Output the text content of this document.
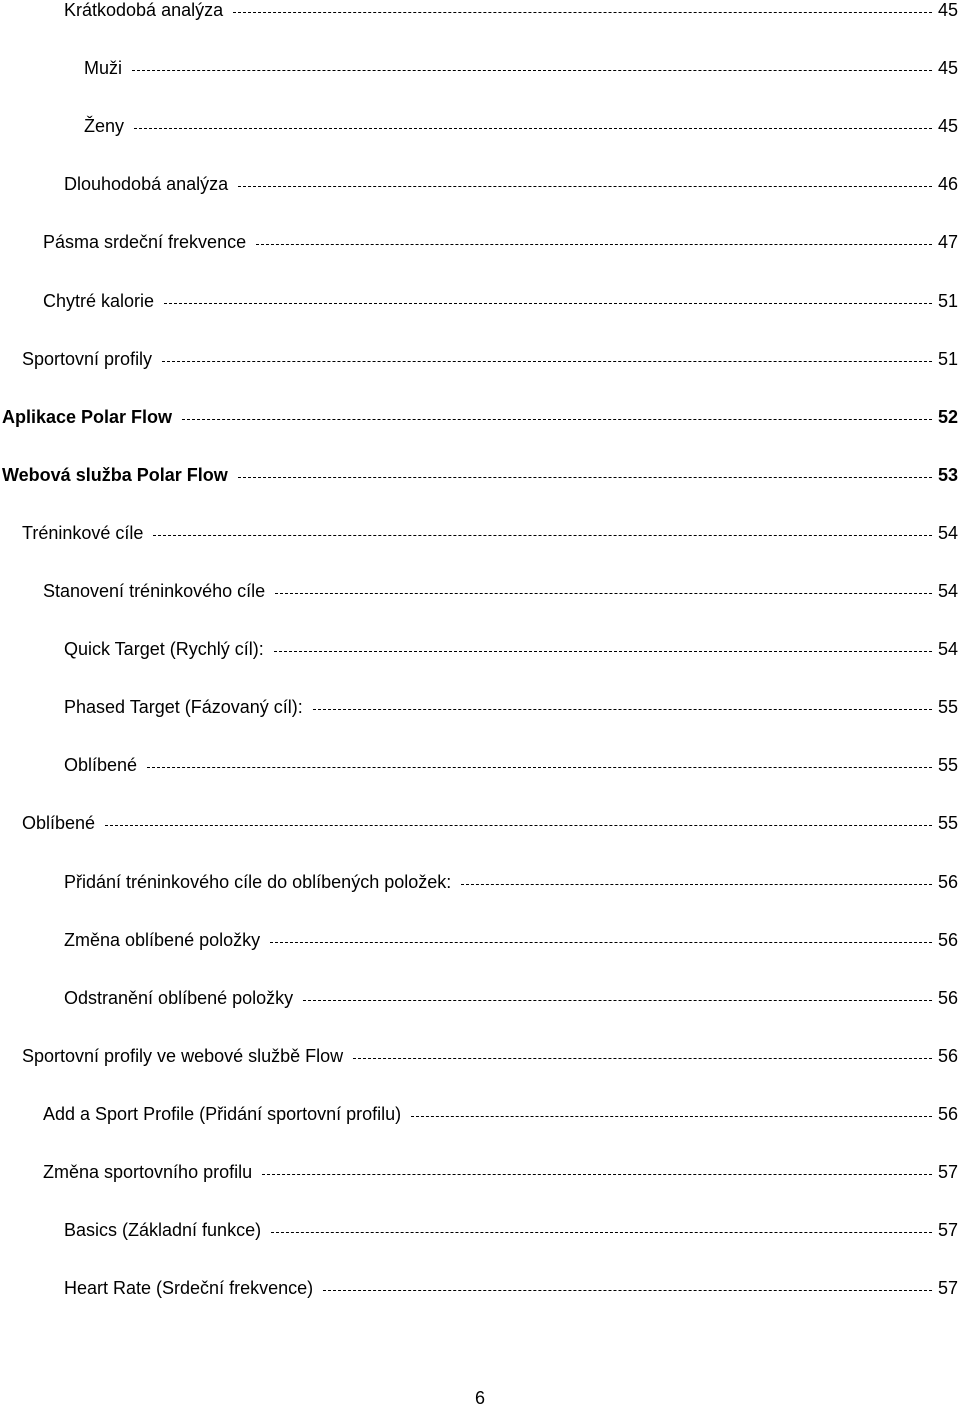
Krátkodobá analýza	45
Muži	45
Ženy	45
Dlouhodobá analýza	46
Pásma srdeční frekvence	47
Chytré kalorie	51
Sportovní profily	51
Aplikace Polar Flow	52
Webová služba Polar Flow	53
Tréninkové cíle	54
Stanovení tréninkového cíle	54
Quick Target (Rychlý cíl):	54
Phased Target (Fázovaný cíl):	55
Oblíbené	55
Oblíbené	55
Přidání tréninkového cíle do oblíbených položek:	56
Změna oblíbené položky	56
Odstranění oblíbené položky	56
Sportovní profily ve webové službě Flow	56
Add a Sport Profile (Přidání sportovní profilu)	56
Změna sportovního profilu	57
Basics (Základní funkce)	57
Heart Rate (Srdeční frekvence)	57
6
